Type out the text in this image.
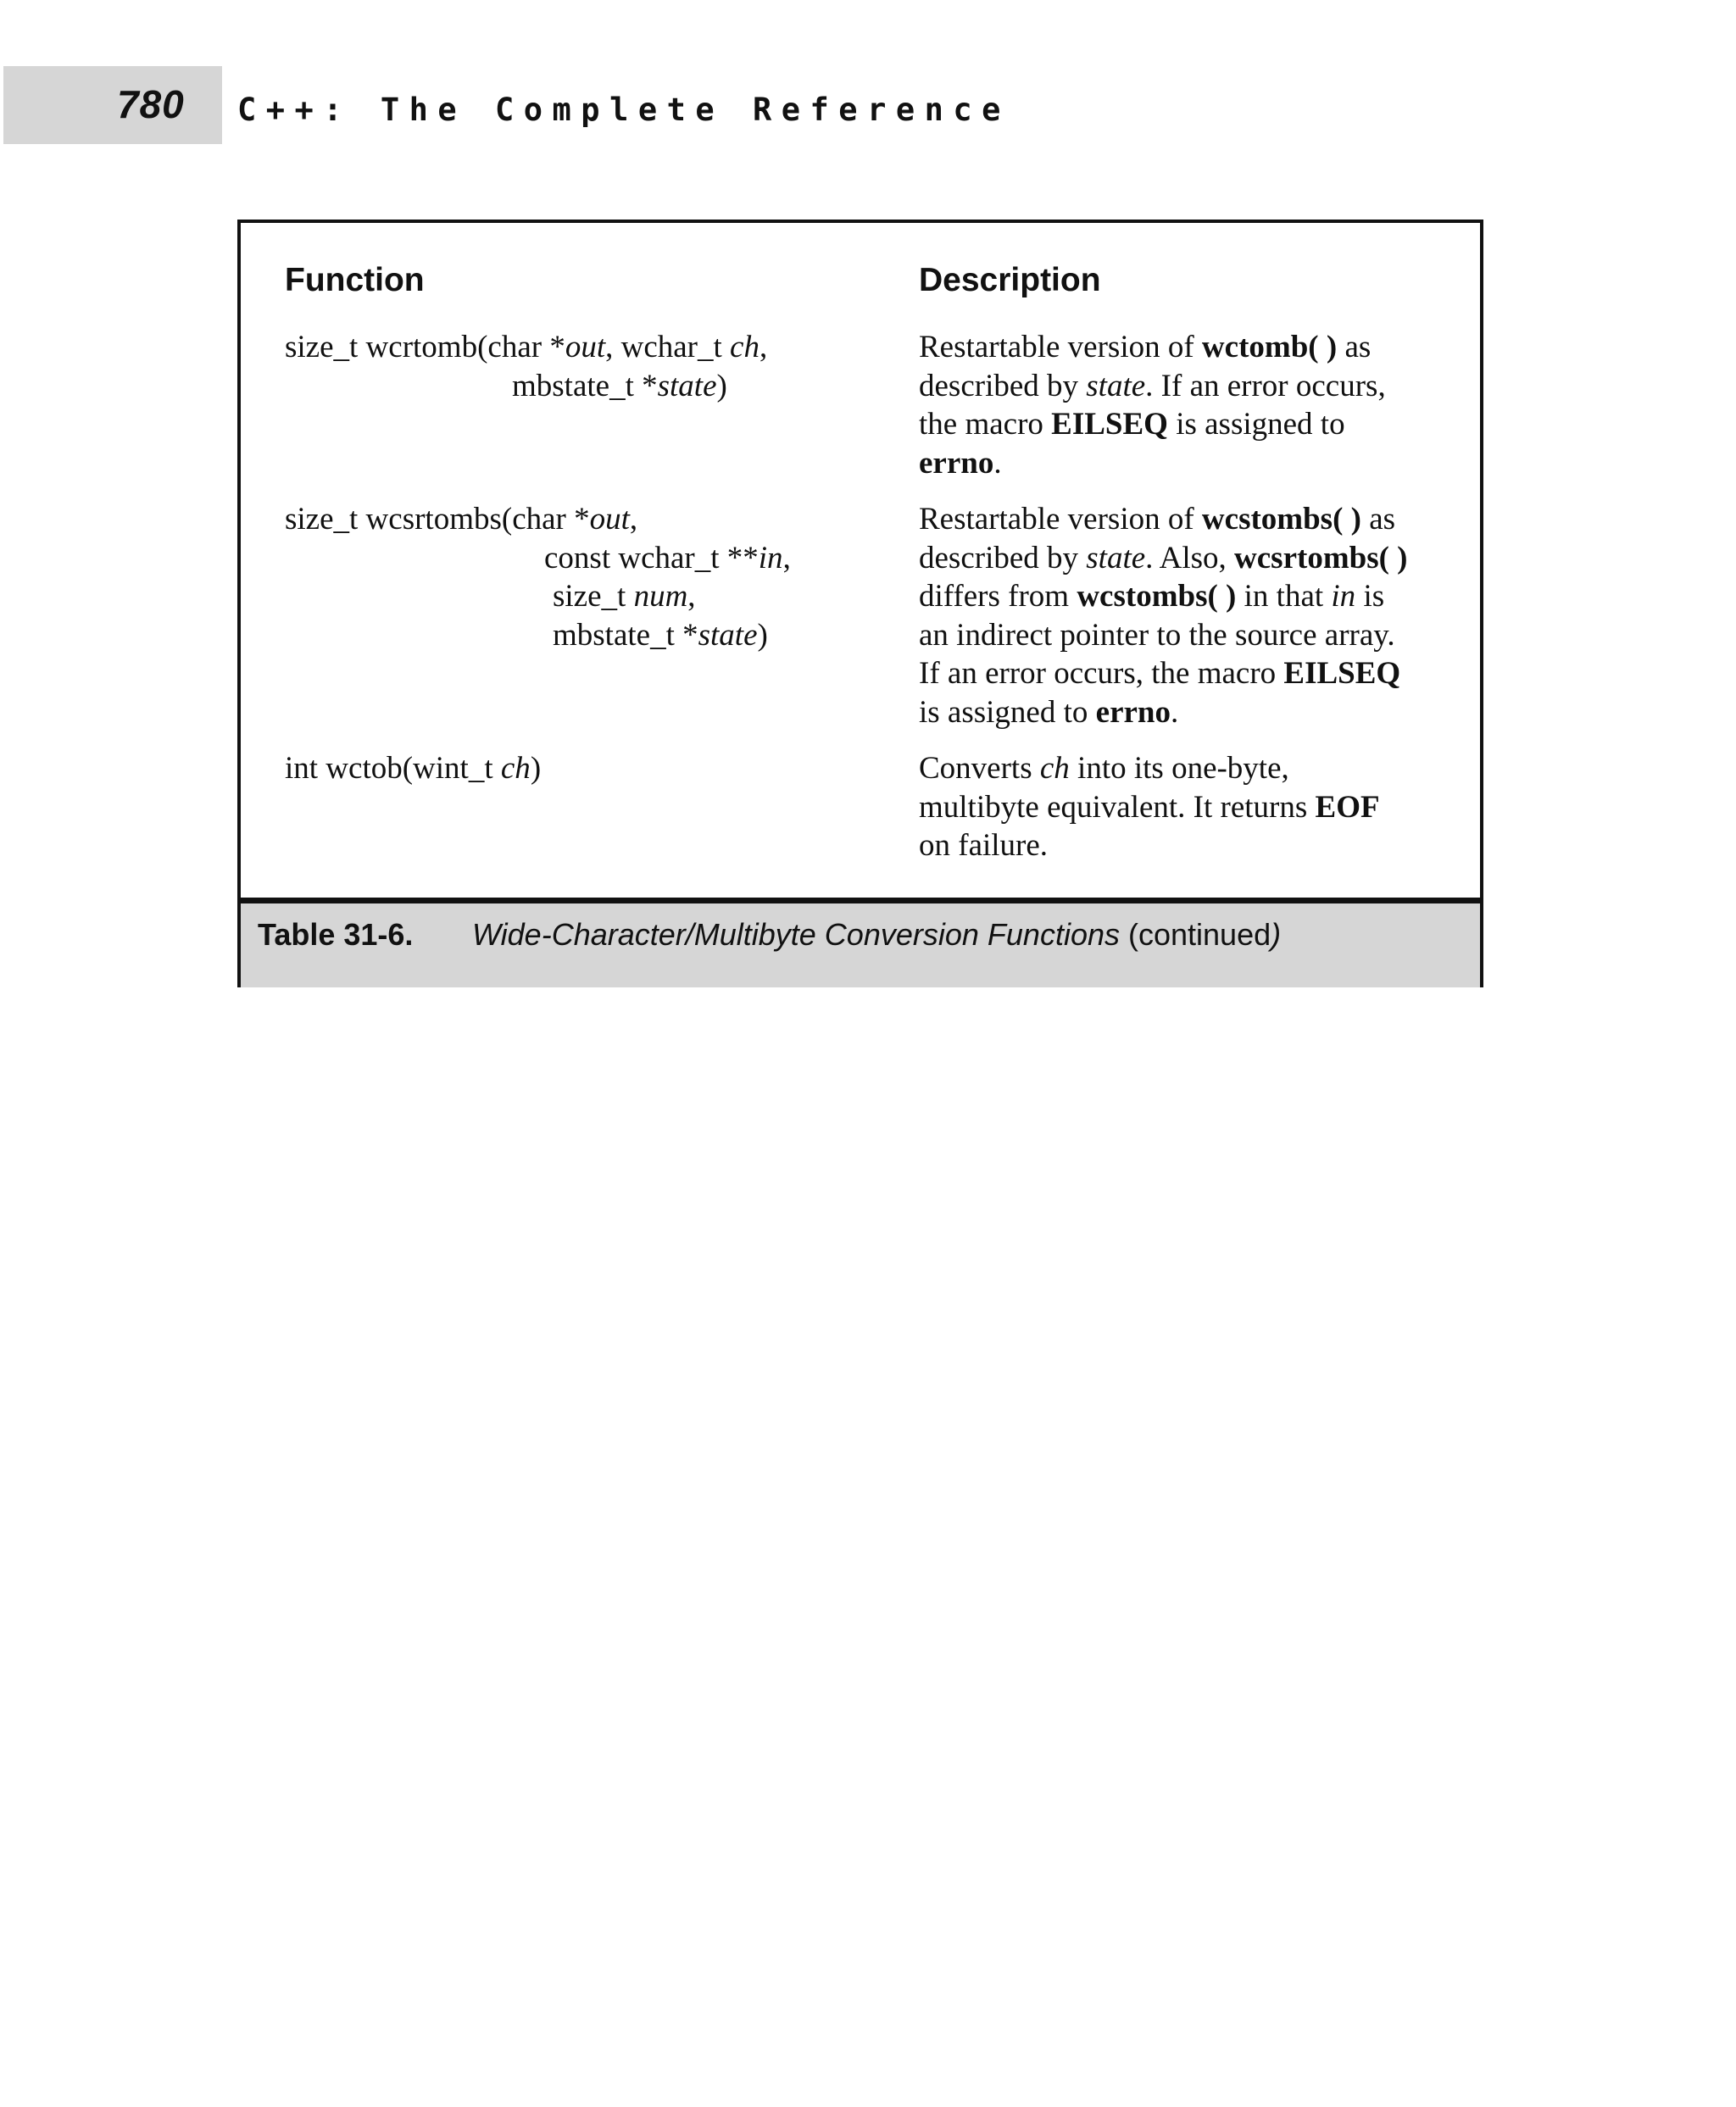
780 C++: The Complete Reference
Function	Description
size_t wcrtomb(char *out, wchar_t ch,
mbstate_t *state)
Restartable version of wctomb( ) as
described by state. If an error occurs,
the macro EILSEQ is assigned to
errno.
size_t wcsrtombs(char *out,
const wchar_t **in,
size_t num,
mbstate_t *state)
Restartable version of wcstombs( ) as
described by state. Also, wcsrtombs( )
differs from wcstombs( ) in that in is
an indirect pointer to the source array.
If an error occurs, the macro EILSEQ
is assigned to errno.
int wctob(wint_t ch)	Converts ch into its one-byte,
multibyte equivalent. It returns EOF
on failure.
Table 31-6. Wide-Character/Multibyte Conversion Functions (continued)
